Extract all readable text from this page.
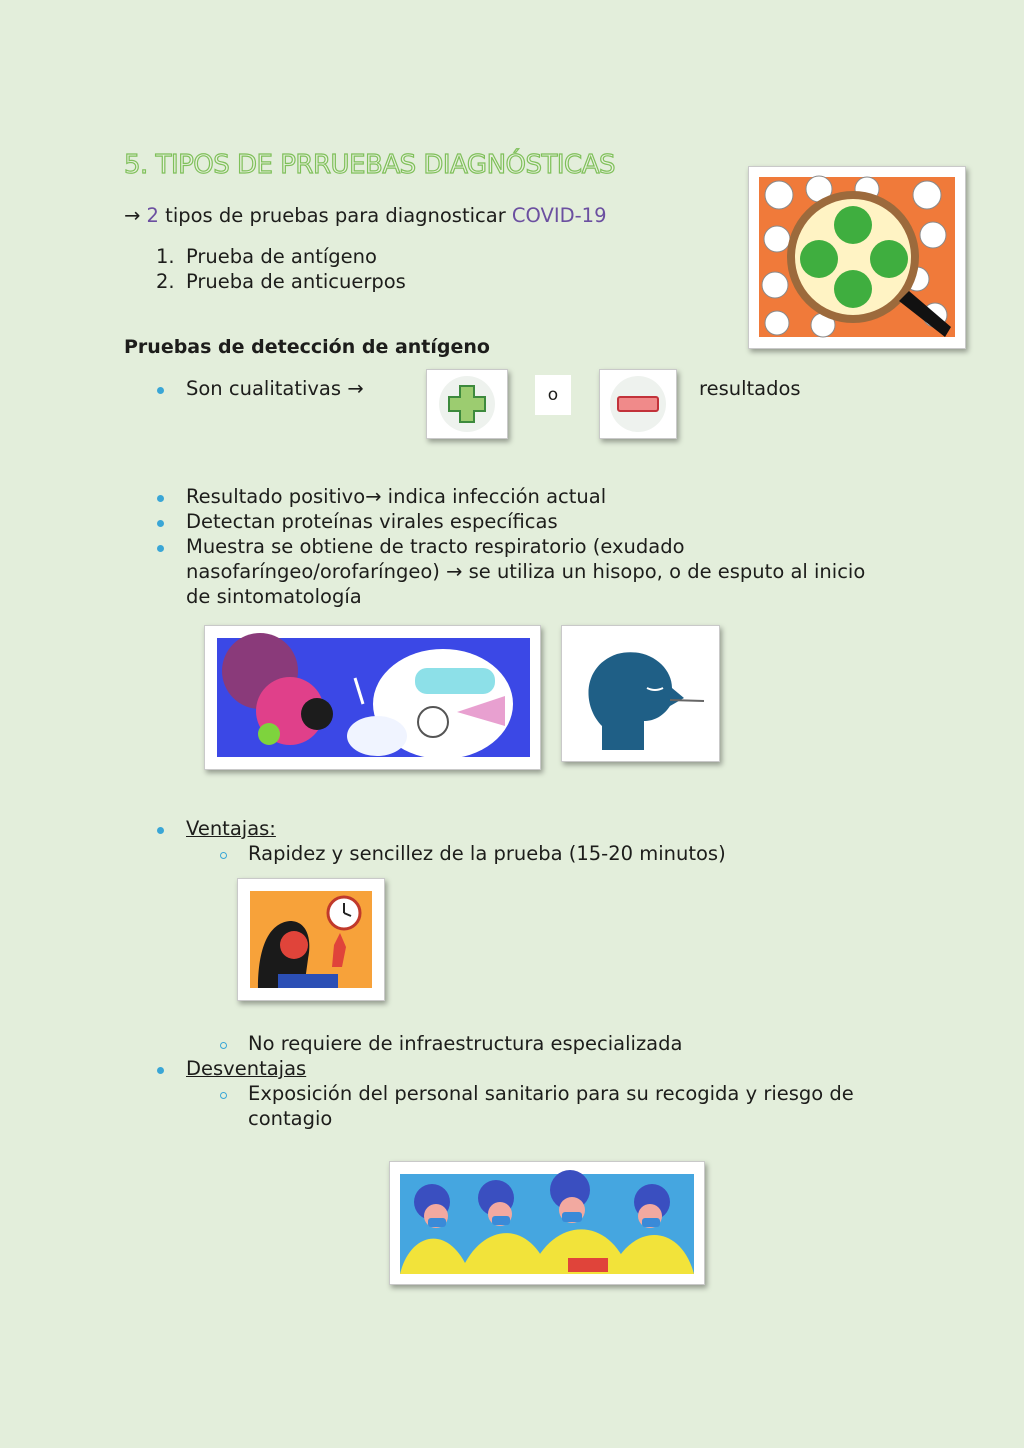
5. TIPOS DE PRRUEBAS DIAGNÓSTICAS
→ 2 tipos de pruebas para diagnosticar COVID-19
1. Prueba de antígeno
2. Prueba de anticuerpos
Pruebas de detección de antígeno
Son cualitativas →	o	resultados
Resultado positivo→ indica infección actual
Detectan proteínas virales específicas
Muestra se obtiene de tracto respiratorio (exudado
nasofaríngeo/orofaríngeo) → se utiliza un hisopo, o de esputo al inicio
de sintomatología
Ventajas:
Rapidez y sencillez de la prueba (15-20 minutos)
No requiere de infraestructura especializada
Desventajas
Exposición del personal sanitario para su recogida y riesgo de
contagio
